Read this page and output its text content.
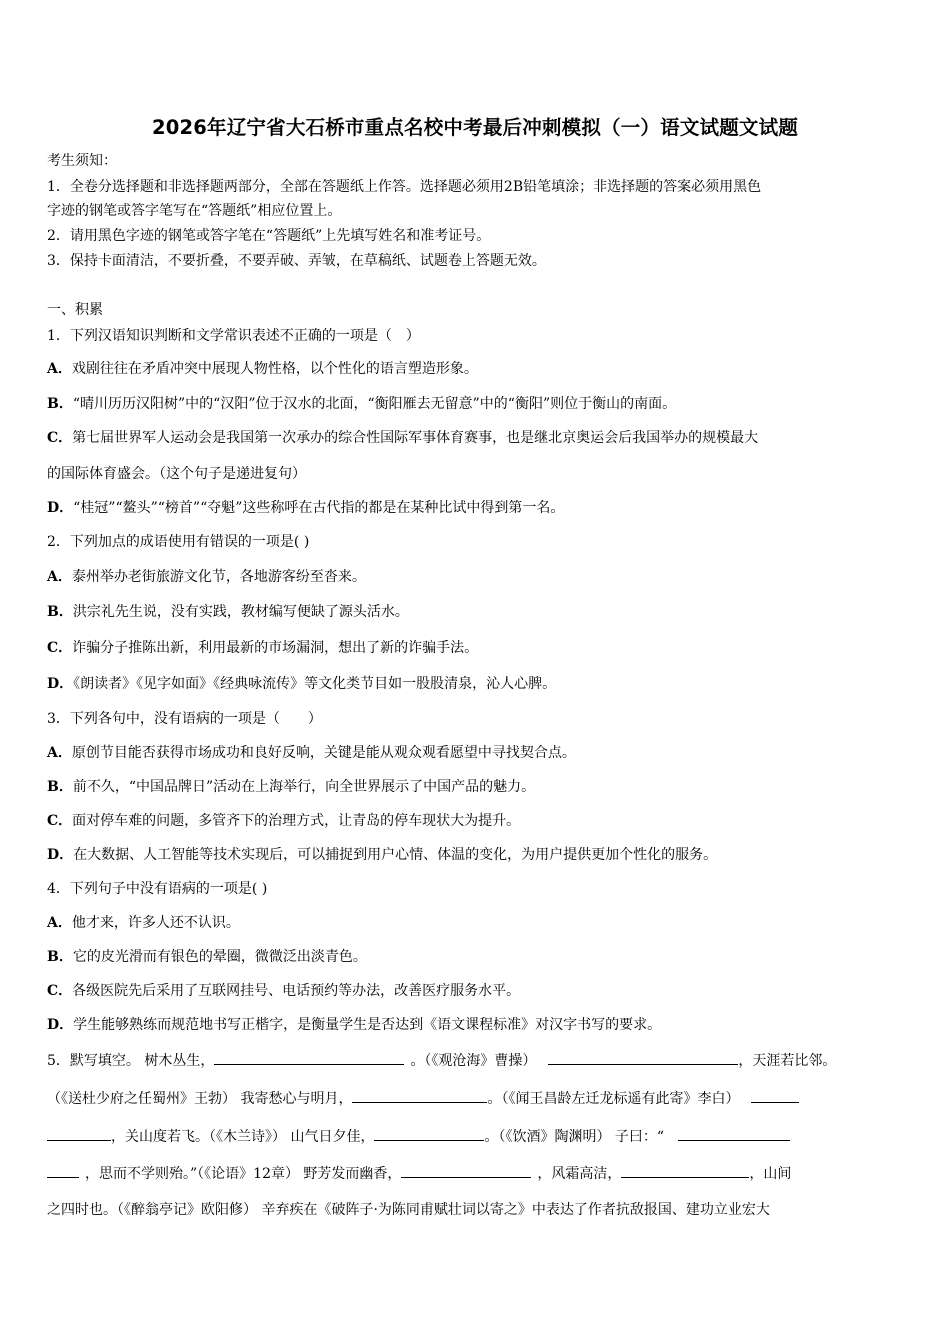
2026年辽宁省大石桥市重点名校中考最后冲刺模拟（一）语文试题文试题
考生须知：
1．全卷分选择题和非选择题两部分，全部在答题纸上作答。选择题必须用2B铅笔填涂；非选择题的答案必须用黑色
字迹的钢笔或答字笔写在“答题纸”相应位置上。
2．请用黑色字迹的钢笔或答字笔在“答题纸”上先填写姓名和准考证号。
3．保持卡面清洁，不要折叠，不要弄破、弄皱，在草稿纸、试题卷上答题无效。
一、积累
1．下列汉语知识判断和文学常识表述不正确的一项是（　）
A．戏剧往往在矛盾冲突中展现人物性格，以个性化的语言塑造形象。
B．“晴川历历汉阳树”中的“汉阳”位于汉水的北面，“衡阳雁去无留意”中的“衡阳”则位于衡山的南面。
C．第七届世界军人运动会是我国第一次承办的综合性国际军事体育赛事，也是继北京奥运会后我国举办的规模最大
的国际体育盛会。（这个句子是递进复句）
D．“桂冠”“鳌头”“榜首”“夺魁”这些称呼在古代指的都是在某种比试中得到第一名。
2．下列加点的成语使用有错误的一项是( )
A．泰州举办老街旅游文化节，各地游客纷至沓来。
B．洪宗礼先生说，没有实践，教材编写便缺了源头活水。
C．诈骗分子推陈出新，利用最新的市场漏洞，想出了新的诈骗手法。
D．《朗读者》《见字如面》《经典咏流传》等文化类节目如一股股清泉，沁人心脾。
3．下列各句中，没有语病的一项是（　　）
A．原创节目能否获得市场成功和良好反响，关键是能从观众观看愿望中寻找契合点。
B．前不久，“中国品牌日”活动在上海举行，向全世界展示了中国产品的魅力。
C．面对停车难的问题，多管齐下的治理方式，让青岛的停车现状大为提升。
D．在大数据、人工智能等技术实现后，可以捕捉到用户心情、体温的变化，为用户提供更加个性化的服务。
4．下列句子中没有语病的一项是( )
A．他才来，许多人还不认识。
B．它的皮光滑而有银色的晕圈，微微泛出淡青色。
C．各级医院先后采用了互联网挂号、电话预约等办法，改善医疗服务水平。
D．学生能够熟练而规范地书写正楷字，是衡量学生是否达到《语文课程标准》对汉字书写的要求。
5．默写填空。 树木丛生，	。（《观沧海》曹操）	，天涯若比邻。
（《送杜少府之任蜀州》王勃） 我寄愁心与明月，	。（《闻王昌龄左迁龙标遥有此寄》李白）
，关山度若飞。（《木兰诗》） 山气日夕佳，	。（《饮酒》陶渊明） 子曰：“
，思而不学则殆。”（《论语》12章） 野芳发而幽香，	，风霜高洁，	，山间
之四时也。（《醉翁亭记》欧阳修） 辛弃疾在《破阵子·为陈同甫赋壮词以寄之》中表达了作者抗敌报国、建功立业宏大
